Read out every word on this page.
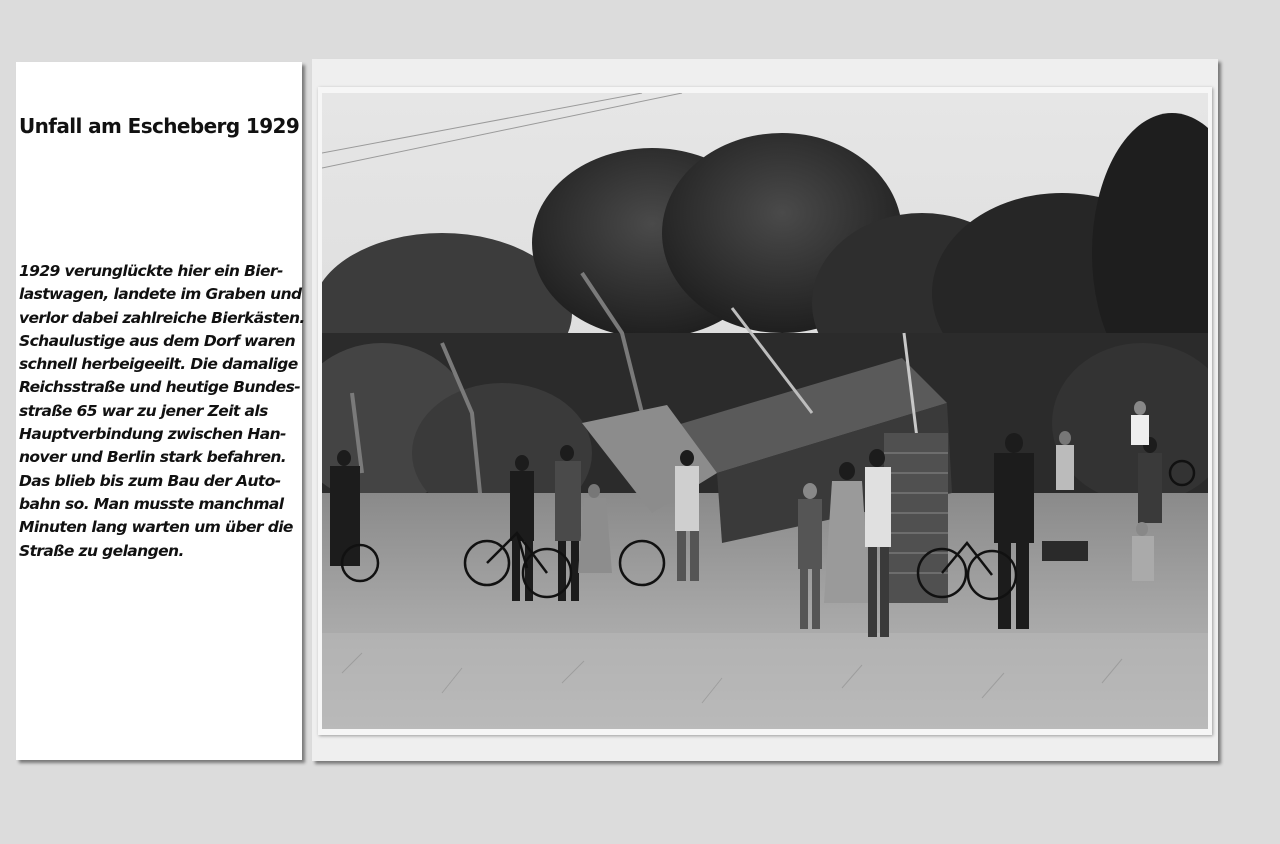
Unfall am Escheberg 1929

1929 verunglückte hier ein Bier-
lastwagen, landete im Graben und
verlor dabei zahlreiche Bierkästen.
Schaulustige aus dem Dorf waren
schnell herbeigeeilt. Die damalige
Reichsstraße und heutige Bundes-
straße 65 war zu jener Zeit als
Hauptverbindung zwischen Han-
nover und Berlin stark befahren.
Das blieb bis zum Bau der Auto-
bahn so. Man musste manchmal
Minuten lang warten um über die
Straße zu gelangen.
